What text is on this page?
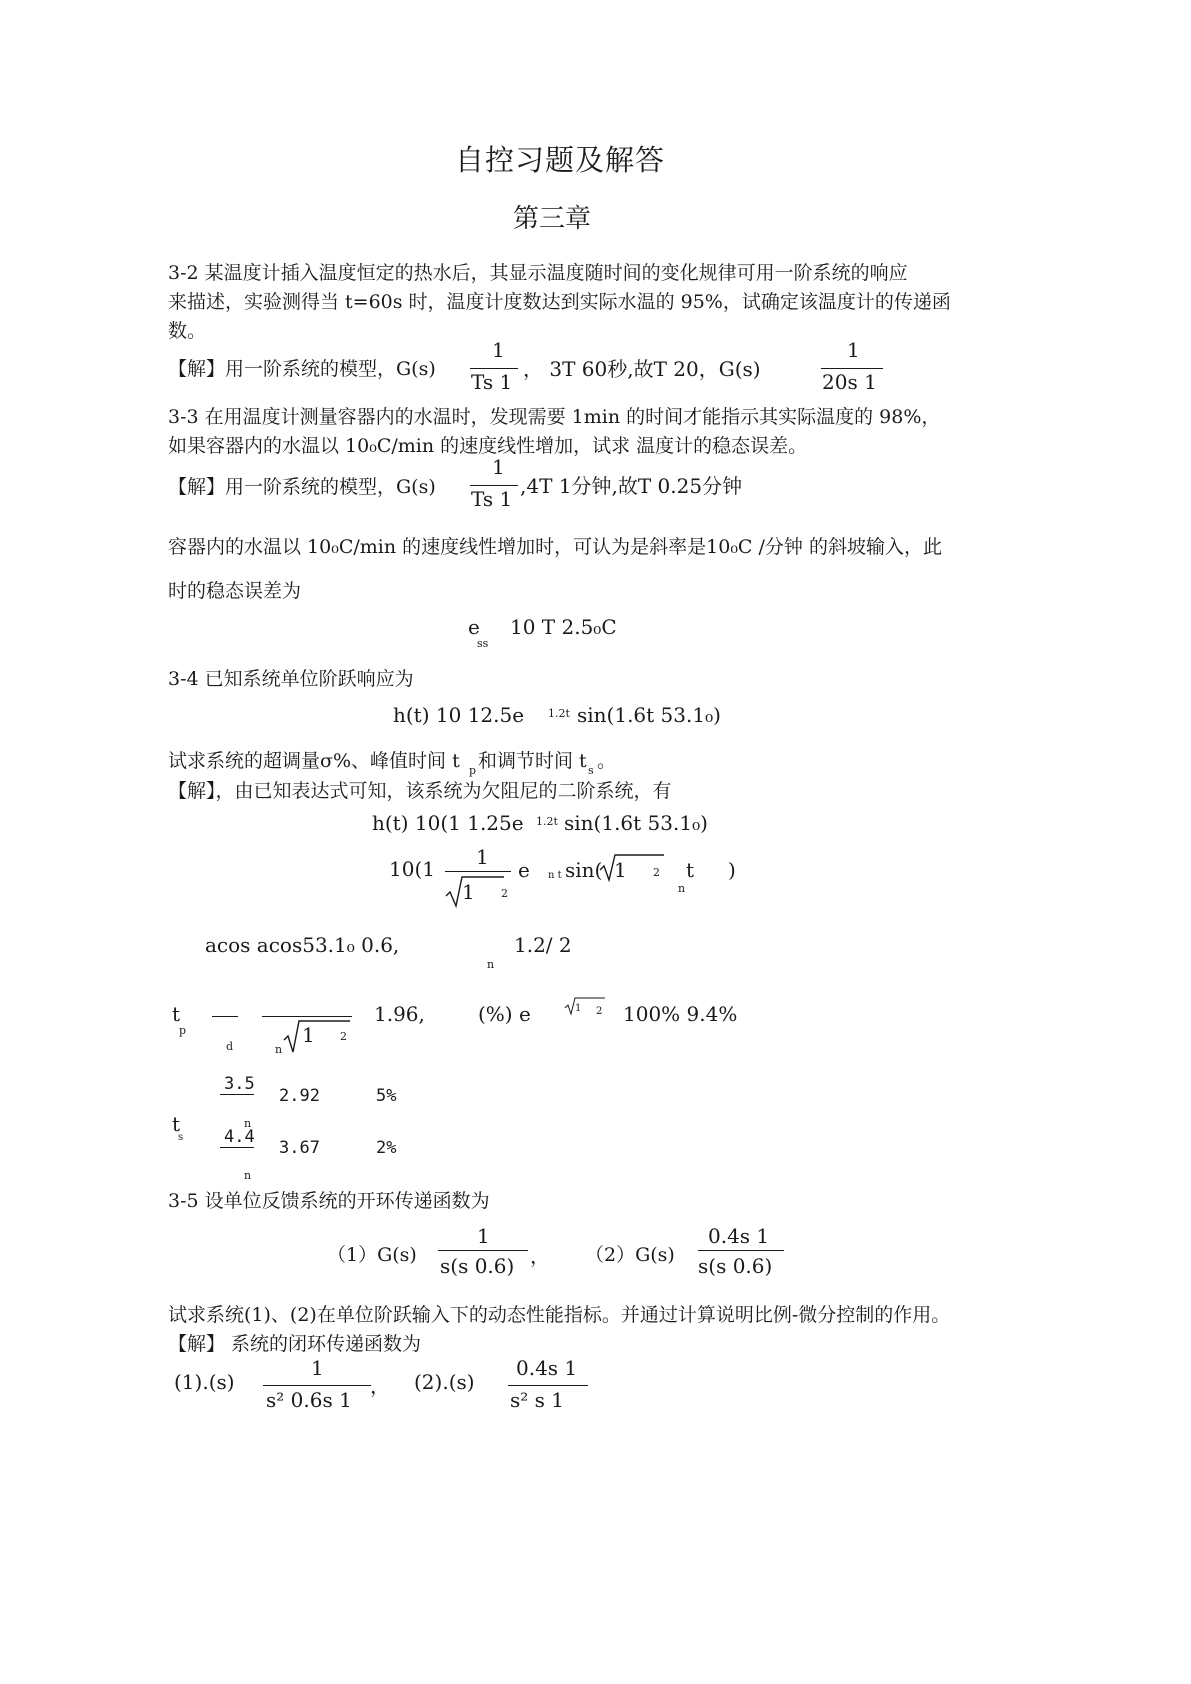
自控习题及解答
第三章
3-2 某温度计插入温度恒定的热水后，其显示温度随时间的变化规律可用一阶系统的响应
来描述，实验测得当 t=60s 时，温度计度数达到实际水温的 95%，试确定该温度计的传递函
数。
【解】用一阶系统的模型，G(s)
1
Ts 1
， 3T 60秒,故T 20，G(s)
1
20s 1
3-3 在用温度计测量容器内的水温时，发现需要 1min 的时间才能指示其实际温度的 98%，
如果容器内的水温以 10₀C/min 的速度线性增加，试求 温度计的稳态误差。
【解】用一阶系统的模型，G(s)
1
Ts 1
,4T 1分钟,故T 0.25分钟
容器内的水温以 10₀C/min 的速度线性增加时，可认为是斜率是10₀C /分钟 的斜坡输入，此
时的稳态误差为
e
ss
10 T 2.5₀C
3-4 已知系统单位阶跃响应为
h(t) 10 12.5e 1.2t sin(1.6t 53.1₀)
试求系统的超调量σ%、峰值时间 t p 和调节时间 t s 。
【解】，由已知表达式可知，该系统为欠阻尼的二阶系统，有
h(t) 10(1 1.25e 1.2t sin(1.6t 53.1₀)
10(1 1
1 2
e n t sin( 1 2 t
n
)
acos acos53.1₀ 0.6,
n
1.2/ 2
t
p
d	n
1 2
1.96,	(%) e	1 2 100% 9.4%
t
s
3.5
n
2.92	5%
4.4
n
3.67	2%
3-5 设单位反馈系统的开环传递函数为
（1）G(s)
1
s(s 0.6) ， （2）G(s)
0.4s 1
s(s 0.6)
试求系统(1)、(2)在单位阶跃输入下的动态性能指标。并通过计算说明比例-微分控制的作用。
【解】 系统的闭环传递函数为
(1).(s)
1
s² 0.6s 1
， (2).(s)
0.4s 1
s² s 1
